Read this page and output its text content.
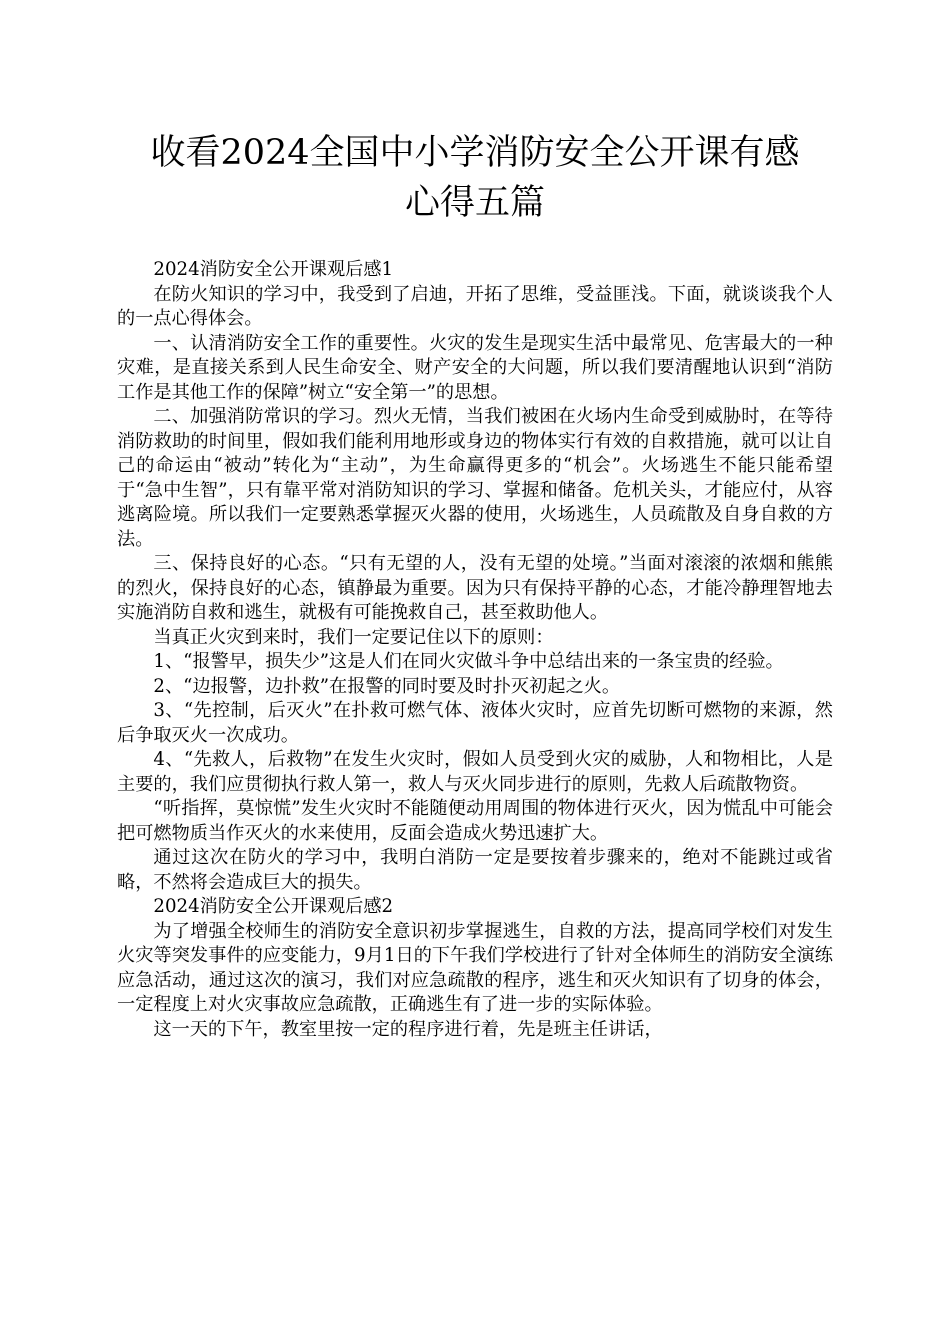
收看2024全国中小学消防安全公开课有感
心得五篇

2024消防安全公开课观后感1

在防火知识的学习中，我受到了启迪，开拓了思维，受益匪浅。下面，就谈谈我个人的一点心得体会。

一、认清消防安全工作的重要性。火灾的发生是现实生活中最常见、危害最大的一种灾难，是直接关系到人民生命安全、财产安全的大问题，所以我们要清醒地认识到“消防工作是其他工作的保障”树立“安全第一”的思想。

二、加强消防常识的学习。烈火无情，当我们被困在火场内生命受到威胁时，在等待消防救助的时间里，假如我们能利用地形或身边的物体实行有效的自救措施，就可以让自己的命运由“被动”转化为“主动”，为生命赢得更多的“机会”。火场逃生不能只能希望于“急中生智”，只有靠平常对消防知识的学习、掌握和储备。危机关头，才能应付，从容逃离险境。所以我们一定要熟悉掌握灭火器的使用，火场逃生，人员疏散及自身自救的方法。

三、保持良好的心态。“只有无望的人，没有无望的处境。”当面对滚滚的浓烟和熊熊的烈火，保持良好的心态，镇静最为重要。因为只有保持平静的心态，才能冷静理智地去实施消防自救和逃生，就极有可能挽救自己，甚至救助他人。

当真正火灾到来时，我们一定要记住以下的原则：

1、“报警早，损失少”这是人们在同火灾做斗争中总结出来的一条宝贵的经验。

2、“边报警，边扑救”在报警的同时要及时扑灭初起之火。

3、“先控制，后灭火”在扑救可燃气体、液体火灾时，应首先切断可燃物的来源，然后争取灭火一次成功。

4、“先救人，后救物”在发生火灾时，假如人员受到火灾的威胁，人和物相比，人是主要的，我们应贯彻执行救人第一，救人与灭火同步进行的原则，先救人后疏散物资。

“听指挥，莫惊慌”发生火灾时不能随便动用周围的物体进行灭火，因为慌乱中可能会把可燃物质当作灭火的水来使用，反面会造成火势迅速扩大。

通过这次在防火的学习中，我明白消防一定是要按着步骤来的，绝对不能跳过或省略，不然将会造成巨大的损失。

2024消防安全公开课观后感2

为了增强全校师生的消防安全意识初步掌握逃生，自救的方法，提高同学校们对发生火灾等突发事件的应变能力，9月1日的下午我们学校进行了针对全体师生的消防安全演练应急活动，通过这次的演习，我们对应急疏散的程序，逃生和灭火知识有了切身的体会，一定程度上对火灾事故应急疏散，正确逃生有了进一步的实际体验。

这一天的下午，教室里按一定的程序进行着，先是班主任讲话，
